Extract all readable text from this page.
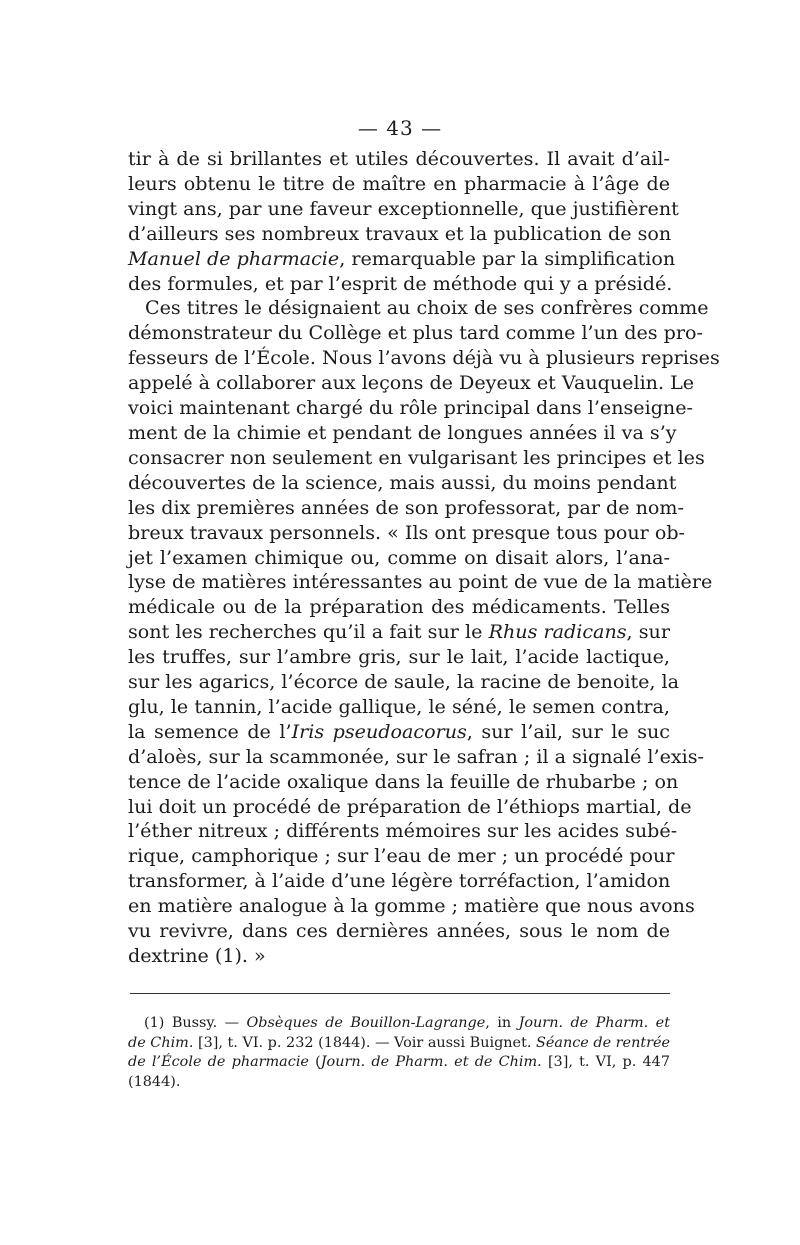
— 43 —
tir à de si brillantes et utiles découvertes. Il avait d’ail-
leurs obtenu le titre de maître en pharmacie à l’âge de
vingt ans, par une faveur exceptionnelle, que justifièrent
d’ailleurs ses nombreux travaux et la publication de son
Manuel de pharmacie, remarquable par la simplification
des formules, et par l’esprit de méthode qui y a présidé.
Ces titres le désignaient au choix de ses confrères comme
démonstrateur du Collège et plus tard comme l’un des pro-
fesseurs de l’École. Nous l’avons déjà vu à plusieurs reprises
appelé à collaborer aux leçons de Deyeux et Vauquelin. Le
voici maintenant chargé du rôle principal dans l’enseigne-
ment de la chimie et pendant de longues années il va s’y
consacrer non seulement en vulgarisant les principes et les
découvertes de la science, mais aussi, du moins pendant
les dix premières années de son professorat, par de nom-
breux travaux personnels. « Ils ont presque tous pour ob-
jet l’examen chimique ou, comme on disait alors, l’ana-
lyse de matières intéressantes au point de vue de la matière
médicale ou de la préparation des médicaments. Telles
sont les recherches qu’il a fait sur le Rhus radicans, sur
les truffes, sur l’ambre gris, sur le lait, l’acide lactique,
sur les agarics, l’écorce de saule, la racine de benoite, la
glu, le tannin, l’acide gallique, le séné, le semen contra,
la semence de l’Iris pseudoacorus, sur l’ail, sur le suc
d’aloès, sur la scammonée, sur le safran ; il a signalé l’exis-
tence de l’acide oxalique dans la feuille de rhubarbe ; on
lui doit un procédé de préparation de l’éthiops martial, de
l’éther nitreux ; différents mémoires sur les acides subé-
rique, camphorique ; sur l’eau de mer ; un procédé pour
transformer, à l’aide d’une légère torréfaction, l’amidon
en matière analogue à la gomme ; matière que nous avons
vu revivre, dans ces dernières années, sous le nom de
dextrine (1). »
(1) Bussy. — Obsèques de Bouillon-Lagrange, in Journ. de Pharm. et
de Chim. [3], t. VI. p. 232 (1844). — Voir aussi Buignet. Séance de rentrée
de l’École de pharmacie (Journ. de Pharm. et de Chim. [3], t. VI, p. 447
(1844).
